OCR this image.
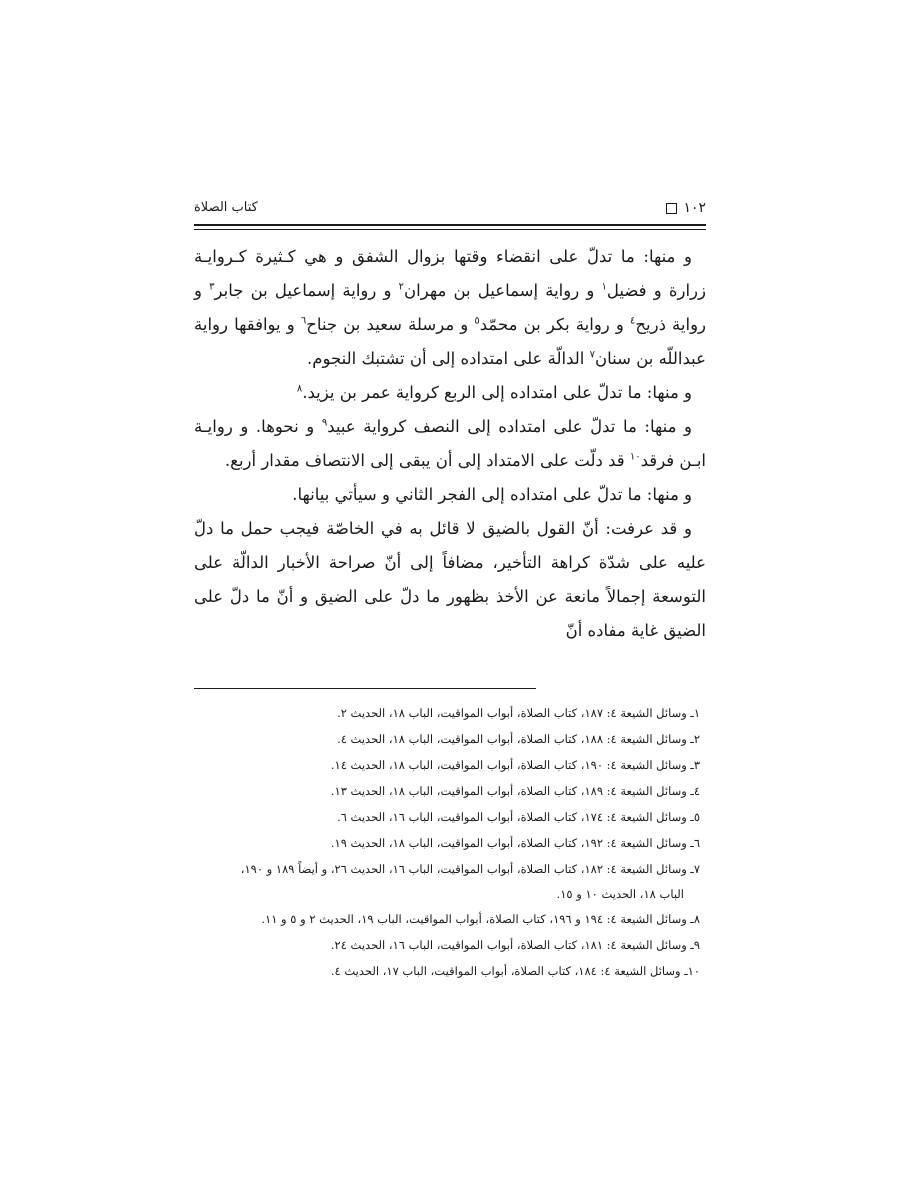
١٠٢
كتاب الصلاة

و منها: ما تدلّ على انقضاء وقتها بزوال الشفق و هي كـثيرة كـروايـة زرارة و فضيل$^١$ و رواية إسماعيل بن مهران$^٢$ و رواية إسماعيل بن جابر$^٣$ و رواية ذريح$^٤$ و رواية بكر بن محمّد$^٥$ و مرسلة سعيد بن جناح$^٦$ و يوافقها رواية عبداللّه بن سنان$^٧$ الدالّة على امتداده إلى أن تشتبك النجوم.

و منها: ما تدلّ على امتداده إلى الربع كرواية عمر بن يزيد.$^٨$

و منها: ما تدلّ على امتداده إلى النصف كرواية عبيد$^٩$ و نحوها. و روايـة ابـن فرقد$^{١٠}$ قد دلّت على الامتداد إلى أن يبقى إلى الانتصاف مقدار أربع.

و منها: ما تدلّ على امتداده إلى الفجر الثاني و سيأتي بيانها.

و قد عرفت: أنّ القول بالضيق لا قائل به في الخاصّة فيجب حمل ما دلّ عليه على شدّة كراهة التأخير، مضافاً إلى أنّ صراحة الأخبار الدالّة على التوسعة إجمالاً مانعة عن الأخذ بظهور ما دلّ على الضيق و أنّ ما دلّ على الضيق غاية مفاده أنّ

١ـ وسائل الشيعة ٤: ١٨٧، كتاب الصلاة، أبواب المواقيت، الباب ١٨، الحديث ٢.
٢ـ وسائل الشيعة ٤: ١٨٨، كتاب الصلاة، أبواب المواقيت، الباب ١٨، الحديث ٤.
٣ـ وسائل الشيعة ٤: ١٩٠، كتاب الصلاة، أبواب المواقيت، الباب ١٨، الحديث ١٤.
٤ـ وسائل الشيعة ٤: ١٨٩، كتاب الصلاة، أبواب المواقيت، الباب ١٨، الحديث ١٣.
٥ـ وسائل الشيعة ٤: ١٧٤، كتاب الصلاة، أبواب المواقيت، الباب ١٦، الحديث ٦.
٦ـ وسائل الشيعة ٤: ١٩٢، كتاب الصلاة، أبواب المواقيت، الباب ١٨، الحديث ١٩.
٧ـ وسائل الشيعة ٤: ١٨٢، كتاب الصلاة، أبواب المواقيت، الباب ١٦، الحديث ٢٦، و أيضاً ١٨٩ و ١٩٠،
الباب ١٨، الحديث ١٠ و ١٥.
٨ـ وسائل الشيعة ٤: ١٩٤ و ١٩٦، كتاب الصلاة، أبواب المواقيت، الباب ١٩، الحديث ٢ و ٥ و ١١.
٩ـ وسائل الشيعة ٤: ١٨١، كتاب الصلاة، أبواب المواقيت، الباب ١٦، الحديث ٢٤.
١٠ـ وسائل الشيعة ٤: ١٨٤، كتاب الصلاة، أبواب المواقيت، الباب ١٧، الحديث ٤.
